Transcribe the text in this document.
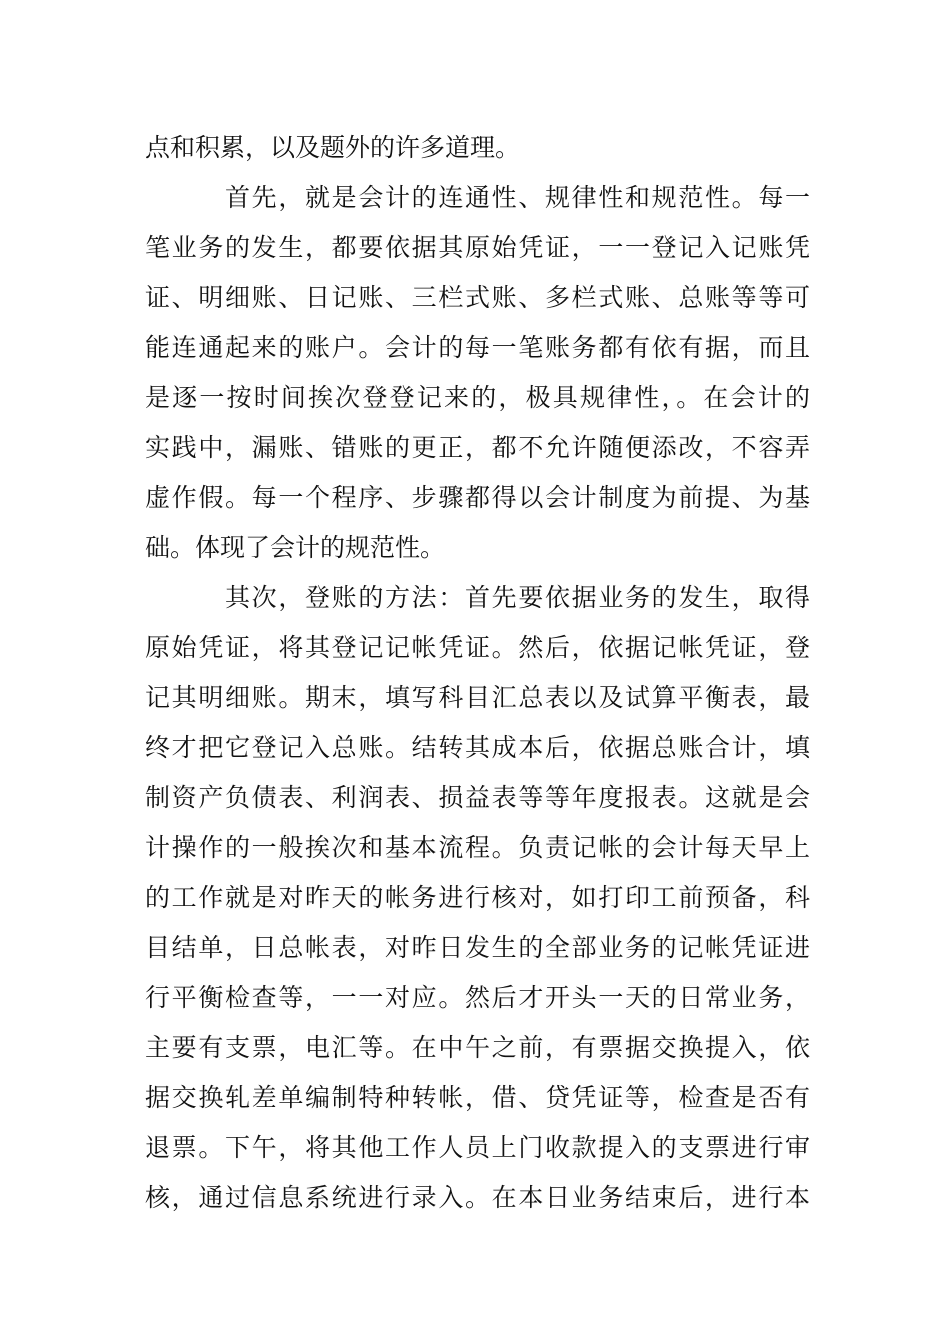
点和积累，以及题外的许多道理。
首先，就是会计的连通性、规律性和规范性。每一
笔业务的发生，都要依据其原始凭证，一一登记入记账凭
证、明细账、日记账、三栏式账、多栏式账、总账等等可
能连通起来的账户。会计的每一笔账务都有依有据，而且
是逐一按时间挨次登登记来的，极具规律性，。在会计的
实践中，漏账、错账的更正，都不允许随便添改，不容弄
虚作假。每一个程序、步骤都得以会计制度为前提、为基
础。体现了会计的规范性。
其次，登账的方法：首先要依据业务的发生，取得
原始凭证，将其登记记帐凭证。然后，依据记帐凭证，登
记其明细账。期末，填写科目汇总表以及试算平衡表，最
终才把它登记入总账。结转其成本后，依据总账合计，填
制资产负债表、利润表、损益表等等年度报表。这就是会
计操作的一般挨次和基本流程。负责记帐的会计每天早上
的工作就是对昨天的帐务进行核对，如打印工前预备，科
目结单，日总帐表，对昨日发生的全部业务的记帐凭证进
行平衡检查等，一一对应。然后才开头一天的日常业务，
主要有支票，电汇等。在中午之前，有票据交换提入，依
据交换轧差单编制特种转帐，借、贷凭证等，检查是否有
退票。下午，将其他工作人员上门收款提入的支票进行审
核，通过信息系统进行录入。在本日业务结束后，进行本
